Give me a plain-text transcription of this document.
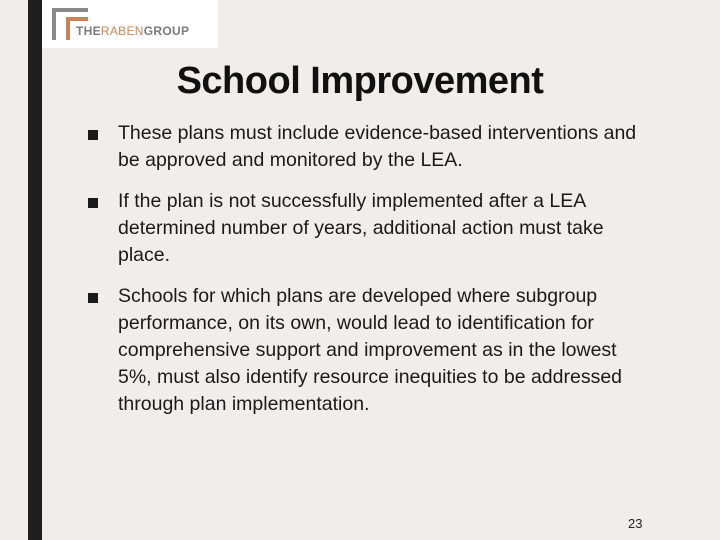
THERABENGROUP
School Improvement
These plans must include evidence-based interventions and be approved and monitored by the LEA.
If the plan is not successfully implemented after a LEA determined number of years, additional action must take place.
Schools for which plans are developed where subgroup performance, on its own, would lead to identification for comprehensive support and improvement as in the lowest 5%, must also identify resource inequities to be addressed through plan implementation.
23
